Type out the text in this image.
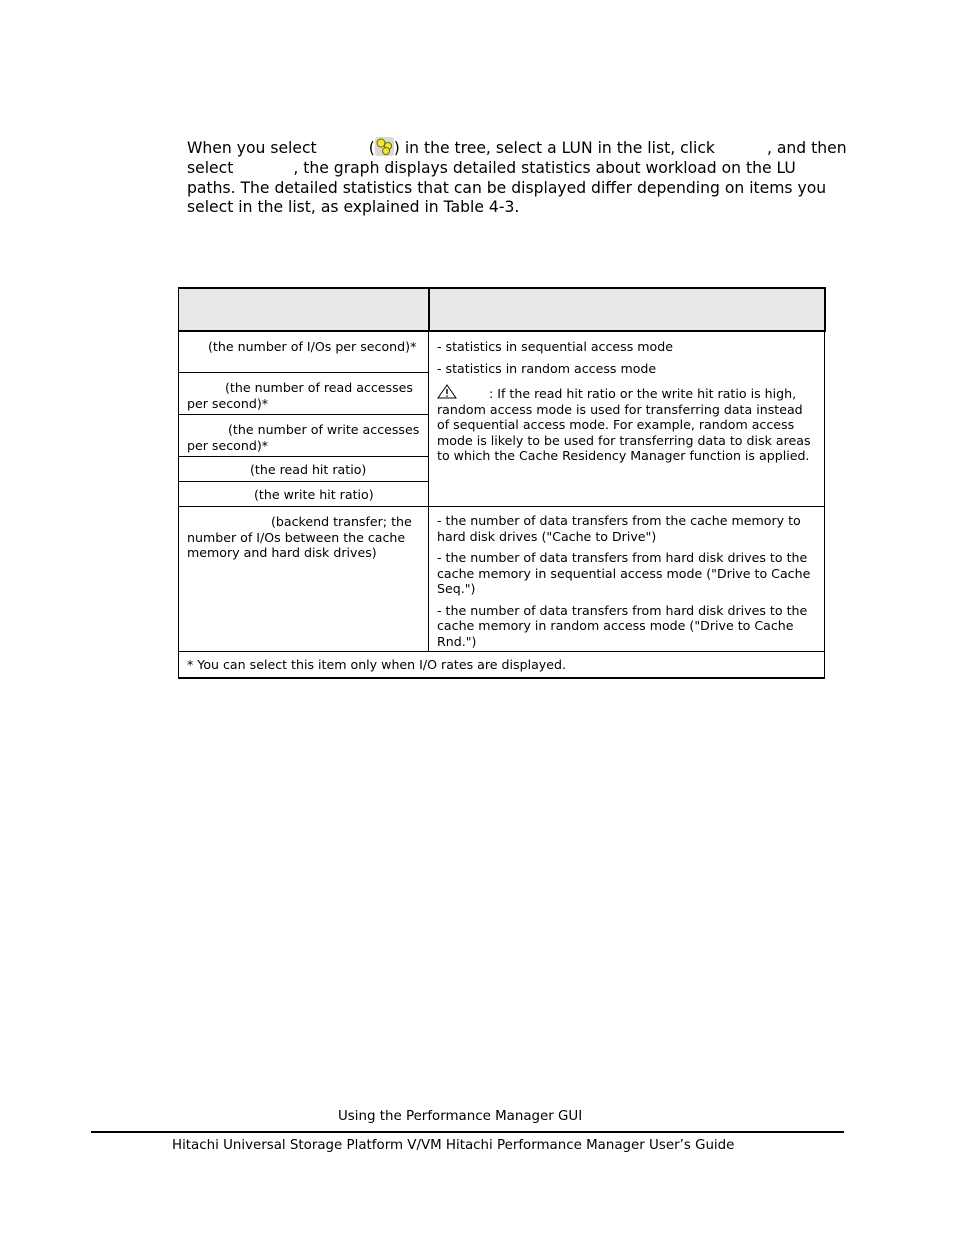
When you select	( ) in the tree, select a LUN in the list, click	, and then select	, the graph displays detailed statistics about workload on the LU paths. The detailed statistics that can be displayed differ depending on items you select in the list, as explained in Table 4-3.

(the number of I/Os per second)*	- statistics in sequential access mode

- statistics in random access mode

: If the read hit ratio or the write hit ratio is high, random access mode is used for transferring data instead of sequential access mode. For example, random access mode is likely to be used for transferring data to disk areas to which the Cache Residency Manager function is applied.

(the number of read accesses per second)*	
(the number of write accesses per second)*	
(the read hit ratio)	
(the write hit ratio)	
(backend transfer; the number of I/Os between the cache memory and hard disk drives)	- the number of data transfers from the cache memory to hard disk drives ("Cache to Drive")

- the number of data transfers from hard disk drives to the cache memory in sequential access mode ("Drive to Cache Seq.")

- the number of data transfers from hard disk drives to the cache memory in random access mode ("Drive to Cache Rnd.")

* You can select this item only when I/O rates are displayed.	
Using the Performance Manager GUI
Hitachi Universal Storage Platform V/VM Hitachi Performance Manager User’s Guide
